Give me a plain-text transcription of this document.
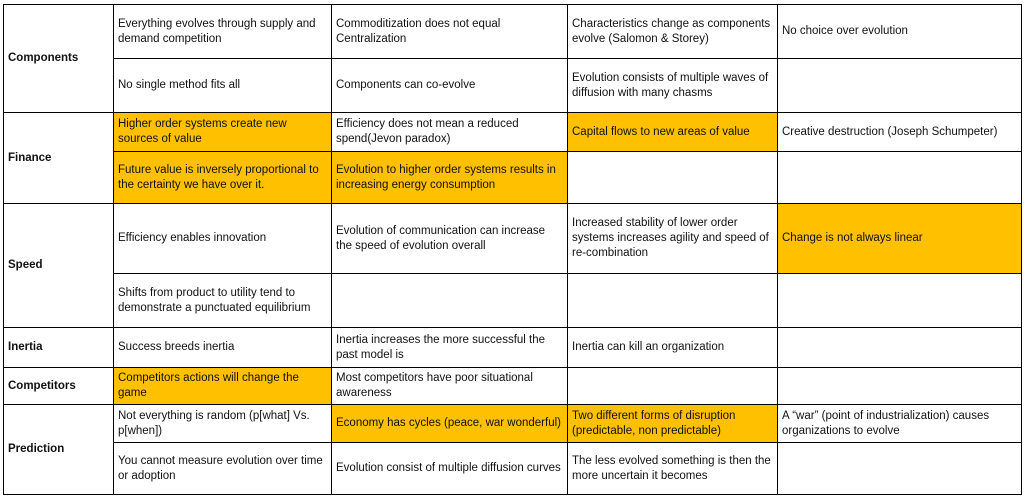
Components	Everything evolves through supply and demand competition	Commoditization does not equal Centralization	Characteristics change as components evolve (Salomon & Storey)	No choice over evolution
	No single method fits all	Components can co-evolve	Evolution consists of multiple waves of diffusion with many chasms	
Finance	Higher order systems create new sources of value	Efficiency does not mean a reduced spend(Jevon paradox)	Capital flows to new areas of value	Creative destruction (Joseph Schumpeter)
	Future value is inversely proportional to the certainty we have over it.	Evolution to higher order systems results in increasing energy consumption		
Speed	Efficiency enables innovation	Evolution of communication can increase the speed of evolution overall	Increased stability of lower order systems increases agility and speed of re-combination	Change is not always linear
	Shifts from product to utility tend to demonstrate a punctuated equilibrium			
Inertia	Success breeds inertia	Inertia increases the more successful the past model is	Inertia can kill an organization	
Competitors	Competitors actions will change the game	Most competitors have poor situational awareness		
Prediction	Not everything is random (p[what] Vs. p[when])	Economy has cycles (peace, war wonderful)	Two different forms of disruption (predictable, non predictable)	A “war” (point of industrialization) causes organizations to evolve
	You cannot measure evolution over time or adoption	Evolution consist of multiple diffusion curves	The less evolved something is then the more uncertain it becomes	
